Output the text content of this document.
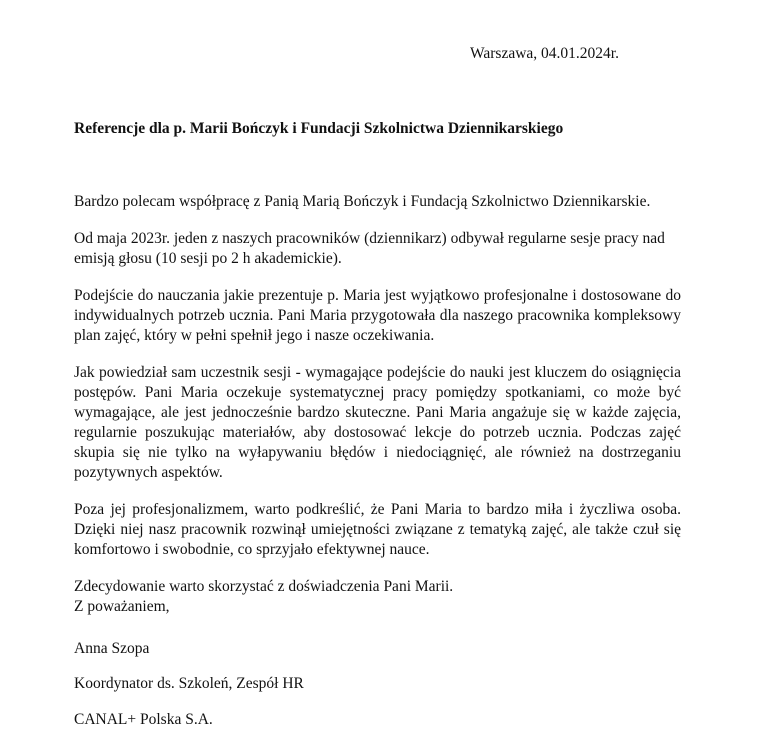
Warszawa, 04.01.2024r.
Referencje dla p. Marii Bończyk i Fundacji Szkolnictwa Dziennikarskiego

Bardzo polecam współpracę z Panią Marią Bończyk i Fundacją Szkolnictwo Dziennikarskie.

Od maja 2023r. jeden z naszych pracowników (dziennikarz) odbywał regularne sesje pracy nad emisją głosu (10 sesji po 2 h akademickie).

Podejście do nauczania jakie prezentuje p. Maria jest wyjątkowo profesjonalne i dostosowane do indywidualnych potrzeb ucznia. Pani Maria przygotowała dla naszego pracownika kompleksowy plan zajęć, który w pełni spełnił jego i nasze oczekiwania.

Jak powiedział sam uczestnik sesji - wymagające podejście do nauki jest kluczem do osiągnięcia postępów. Pani Maria oczekuje systematycznej pracy pomiędzy spotkaniami, co może być wymagające, ale jest jednocześnie bardzo skuteczne. Pani Maria angażuje się w każde zajęcia, regularnie poszukując materiałów, aby dostosować lekcje do potrzeb ucznia. Podczas zajęć skupia się nie tylko na wyłapywaniu błędów i niedociągnięć, ale również na dostrzeganiu pozytywnych aspektów.

Poza jej profesjonalizmem, warto podkreślić, że Pani Maria to bardzo miła i życzliwa osoba. Dzięki niej nasz pracownik rozwinął umiejętności związane z tematyką zajęć, ale także czuł się komfortowo i swobodnie, co sprzyjało efektywnej nauce.

Zdecydowanie warto skorzystać z doświadczenia Pani Marii.

Z poważaniem,
Anna Szopa
Koordynator ds. Szkoleń, Zespół HR
CANAL+ Polska S.A.
